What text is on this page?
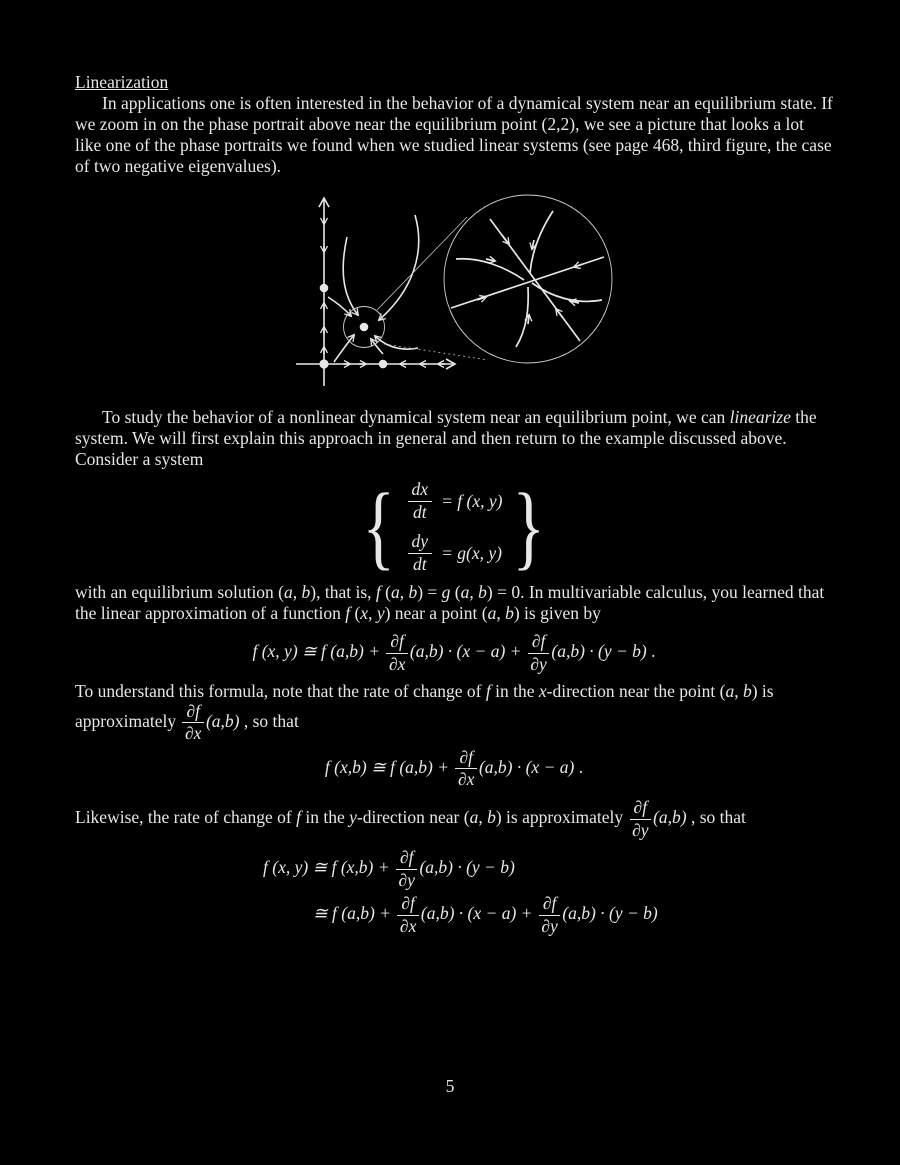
Linearization
In applications one is often interested in the behavior of a dynamical system near an equilibrium state. If we zoom in on the phase portrait above near the equilibrium point (2,2), we see a picture that looks a lot like one of the phase portraits we found when we studied linear systems (see page 468, third figure, the case of two negative eigenvalues).
To study the behavior of a nonlinear dynamical system near an equilibrium point, we can linearize the system. We will first explain this approach in general and then return to the example discussed above.
Consider a system
{ $\frac{dx}{dt} = f$ (x, y)
$\frac{dy}{dt} = g(x$, y) }
with an equilibrium solution (a, b), that is, f (a, b) = g (a, b) = 0. In multivariable calculus, you learned that the linear approximation of a function f (x, y) near a point (a, b) is given by
f (x, y) ≅ f $(a,b) + \frac{\partial f}{\partial x} (a,b) \cdot (x - a) + \frac{\partial f}{\partial y} (a,b) \cdot (y - b)$ .
To understand this formula, note that the rate of change of f in the x-direction near the point (a, b) is
approximately $\frac{\partial f}{\partial x} (a,b)$ , so that
f (x,b) ≅ f $(a,b) + \frac{\partial f}{\partial x} (a,b) \cdot (x - a)$ .
Likewise, the rate of change of f in the y-direction near (a, b) is approximately $\frac{\partial f}{\partial y} (a,b)$ , so that
f (x, y) ≅ f $(x,b) + \frac{\partial f}{\partial y} (a,b) \cdot (y - b)$
≅ f $(a,b) + \frac{\partial f}{\partial x} (a,b) \cdot (x - a) + \frac{\partial f}{\partial y} (a,b) \cdot (y - b)$
5
